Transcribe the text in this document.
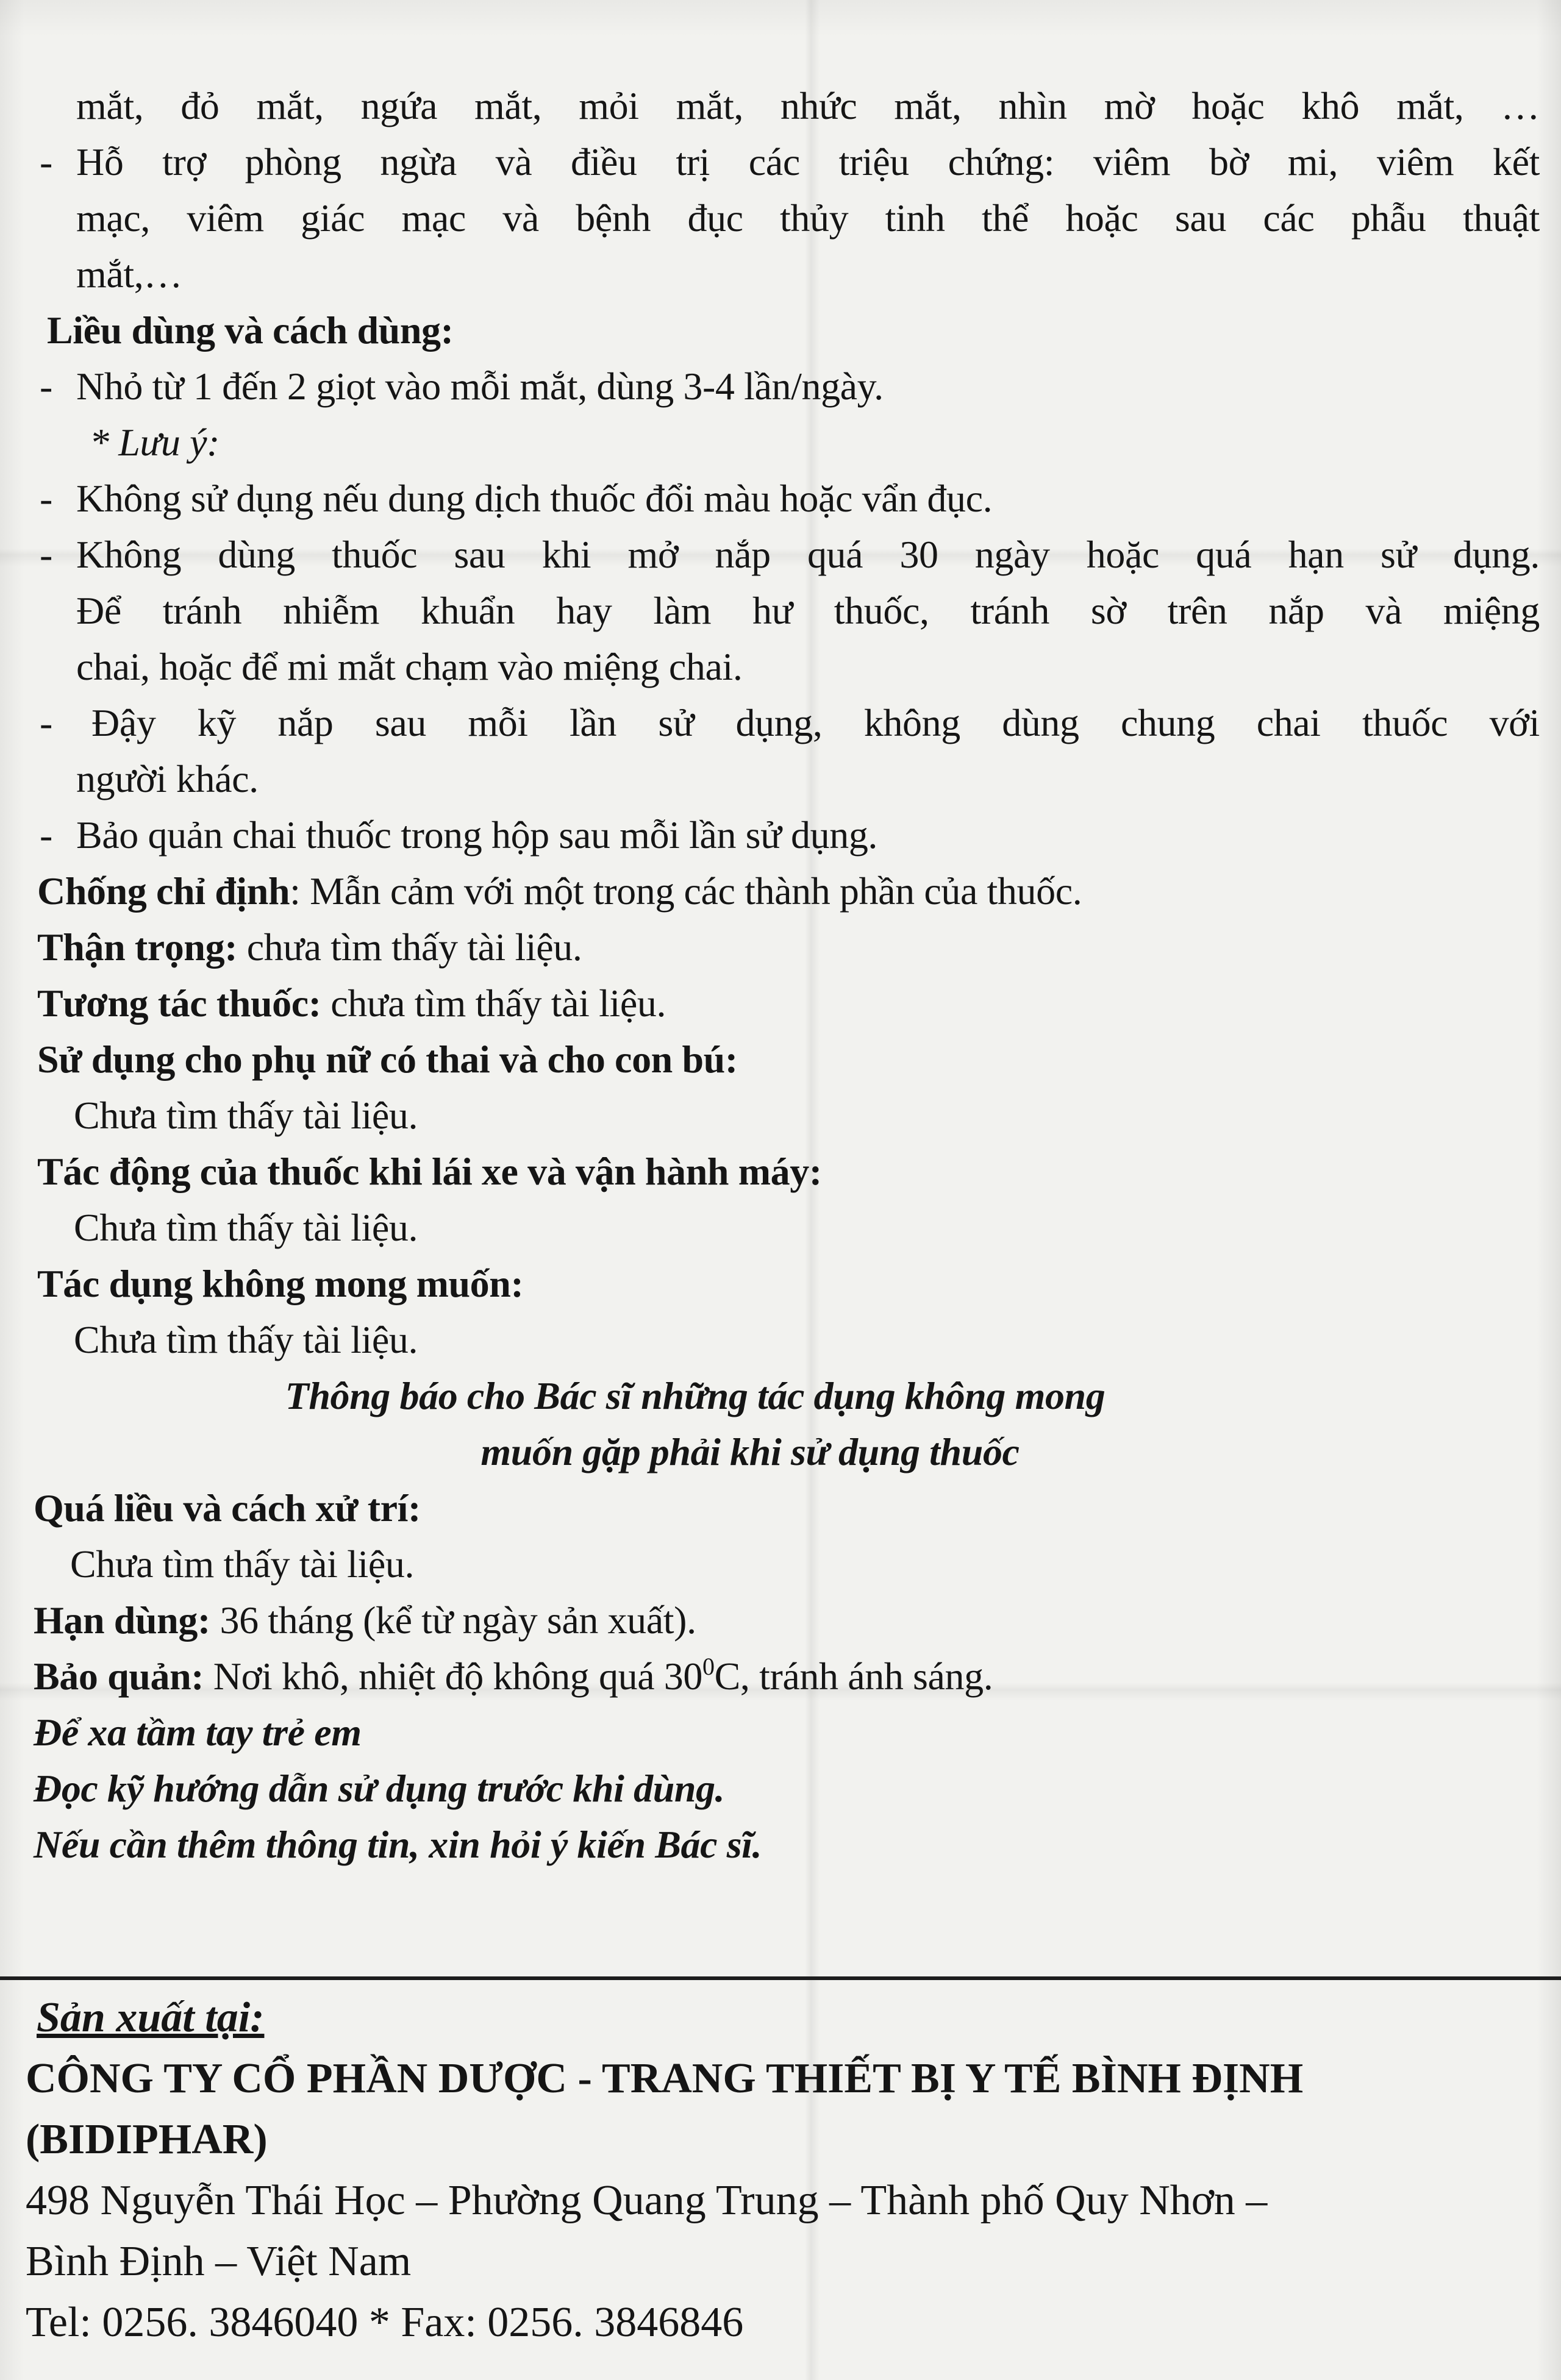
mắt, đỏ mắt, ngứa mắt, mỏi mắt, nhức mắt, nhìn mờ hoặc khô mắt, …
- Hỗ trợ phòng ngừa và điều trị các triệu chứng: viêm bờ mi, viêm kết
mạc, viêm giác mạc và bệnh đục thủy tinh thể hoặc sau các phẫu thuật
mắt,…
Liều dùng và cách dùng:
- Nhỏ từ 1 đến 2 giọt vào mỗi mắt, dùng 3-4 lần/ngày.
* Lưu ý:
- Không sử dụng nếu dung dịch thuốc đổi màu hoặc vẩn đục.
- Không dùng thuốc sau khi mở nắp quá 30 ngày hoặc quá hạn sử dụng.
Để tránh nhiễm khuẩn hay làm hư thuốc, tránh sờ trên nắp và miệng
chai, hoặc để mi mắt chạm vào miệng chai.
- Đậy kỹ nắp sau mỗi lần sử dụng, không dùng chung chai thuốc với
người khác.
- Bảo quản chai thuốc trong hộp sau mỗi lần sử dụng.
Chống chỉ định: Mẫn cảm với một trong các thành phần của thuốc.
Thận trọng: chưa tìm thấy tài liệu.
Tương tác thuốc: chưa tìm thấy tài liệu.
Sử dụng cho phụ nữ có thai và cho con bú:
Chưa tìm thấy tài liệu.
Tác động của thuốc khi lái xe và vận hành máy:
Chưa tìm thấy tài liệu.
Tác dụng không mong muốn:
Chưa tìm thấy tài liệu.
Thông báo cho Bác sĩ những tác dụng không mong
muốn gặp phải khi sử dụng thuốc
Quá liều và cách xử trí:
Chưa tìm thấy tài liệu.
Hạn dùng: 36 tháng (kể từ ngày sản xuất).
Bảo quản: Nơi khô, nhiệt độ không quá $30^0C$, tránh ánh sáng.
Để xa tầm tay trẻ em
Đọc kỹ hướng dẫn sử dụng trước khi dùng.
Nếu cần thêm thông tin, xin hỏi ý kiến Bác sĩ.
Sản xuất tại:
CÔNG TY CỔ PHẦN DƯỢC - TRANG THIẾT BỊ Y TẾ BÌNH ĐỊNH
(BIDIPHAR)
498 Nguyễn Thái Học – Phường Quang Trung – Thành phố Quy Nhơn –
Bình Định – Việt Nam
Tel: 0256. 3846040 * Fax: 0256. 3846846
